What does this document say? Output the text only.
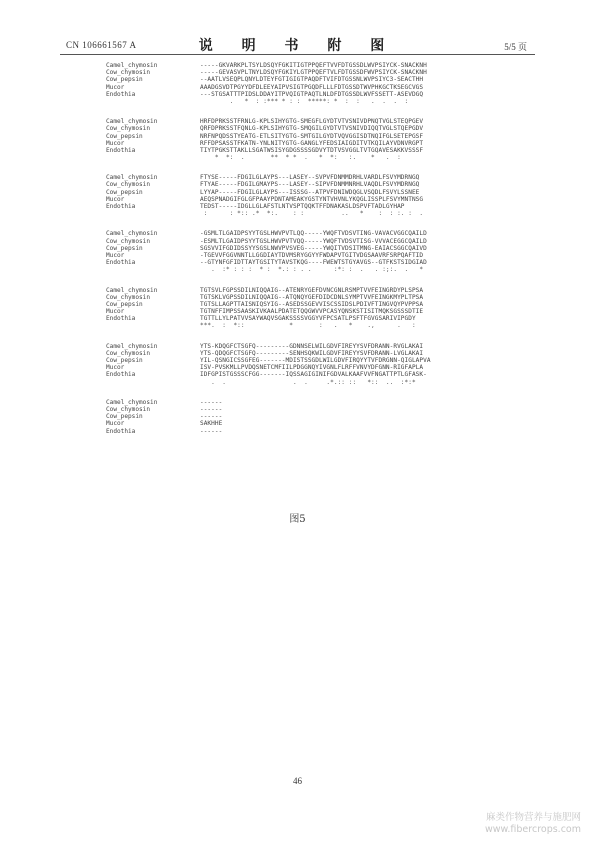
CN 106661567 A	说 明 书 附 图	5/5 页
Camel_chymosin	-----GKVARKPLTSYLDSQYFGKITIGTPPQEFTVVFDTGSSDLWVPSIYCK-SNACKNH
Cow_chymosin	-----GEVASVPLTNYLDSQYFGKIYLGTPPQEFTVLFDTGSSDFWVPSIYCK-SNACKNH
Cow_pepsin	--AATLVSEQPLQNYLDTEYFGTIGIGTPAQDFTVIFDTGSSNLWVPSIYC3-SEACTHH
Mucor	AAADGSVDTPGYYDFDLEEYAIPVSIGTPGQDFLLLFDTGSSDTWVPHKGCTKSEGCVGS
Endothia	---STGSATTTPIDSLDDAYITPVQIGTPAQTLNLDFDTGSSDLWVFSSETT-ASEVDGQ
.   *  : :*** * : :  *****: *  :  :   .  .  .  :
Camel_chymosin	HRFDPRKSSTFRNLG-KPLSIHYGTG-SMEGFLGYDTVTVSNIVDPNQTVGLSTEQPGEV
Cow_chymosin	QRFDPRKSSTFQNLG-KPLSIHYGTG-SMQGILGYDTVTVSNIVDIQQTVGLSTQEPGDV
Cow_pepsin	NRFNPQDSSTYEATG-ETLSITYGTG-SMTGILGYDTVQVGGISDTNQIFGLSETEPGSF
Mucor	RFFDPSASSTFKATN-YNLNITYGTG-GANGLYFEDSIAIGDITVTKQILAYVDNVRGPT
Endothia	TIYTPGKSTTAKLLSGATWSISYGDGSSSSGDVYTDTVSVGGLTVTGQAVESAKKVSSSF
*  *:  .       **  * *  .   *  *:   :.    *   .  :
Camel_chymosin	FTYSE-----FDGILGLAYPS---LASEY--SVPVFDNMMDRHLVARDLFSVYMDRNGQ
Cow_chymosin	FTYAE-----FDGILGMAYPS---LASEY--SIPVFDNMMNRHLVAQDLFSVYMDRNGQ
Cow_pepsin	LYYAP-----FDGILGLAYPS---ISSSG--ATPVFDNIWDQGLVSQDLFSVYLSSNEE
Mucor	AEQSPNADGIFGLGFPAAYPDNTAMEAKYGSTYNTVHVNLYKQGLISSPLFSVYMNTNSG
Endothia	TEDST-----IDGLLGLAFSTLNTVSPTQQKTFFDNAKASLDSPVFTADLGYHAP
:      : *:: .*  *:.    : :          ..   *    :  : :. :  .
Camel_chymosin	-GSMLTLGAIDPSYYTGSLHWVPVTLQQ-----YWQFTVDSVTING-VAVACVGGCQAILD
Cow_chymosin	-ESMLTLGAIDPSYYTGSLHWVPVTVQQ-----YWQFTVDSVTISG-VVVACEGGCQAILD
Cow_pepsin	SGSVVIFGDIDSSYYSGSLNWVPVSVEG-----YWQITVDSITMNG-EAIACSGGCQAIVD
Mucor	-TGEVVFGGVNNTLLGGDIAYTDVMSRYGGYYFWDAPVTGITVDGSAAVRFSRPQAFTID
Endothia	--GTYNFGFIDTTAYTGSITYTAVSTKQG----FWEWTSTGYAVGS--GTFKSTSIDGIAD
.  :* : : :  * :  *.: : . .      :*: :  .   . :;:.  .   *
Camel_chymosin	TGTSVLFGPSSDILNIQQAIG--ATENRYGEFDVNCGNLRSMPTVVFEINGRDYPLSPSA
Cow_chymosin	TGTSKLVGPSSDILNIQQAIG--ATQNQYGEFDIDCDNLSYMPTVVFEINGKMYPLTPSA
Cow_pepsin	TGTSLLAGPTTAISNIQSYIG--ASEDSSGEVVISCSSIDSLPDIVFTINGVQYPVPPSA
Mucor	TGTNFFIMPSSAASKIVKAALPDATETQQGWVVPCASYQNSKSTISITMQKSGSSSDTIE
Endothia	TGTTLLYLPATVVSAYWAQVSGAKSSSSVGGYVFPCSATLPSFTFGVGSARIVIPGDY
***.  :  *::            *       :   .   *    .,      .   :
Camel_chymosin	YTS-KDQGFCTSGFQ---------GDNNSELWILGDVFIREYYSVFDRANN-RVGLAKAI
Cow_chymosin	YTS-QDQGFCTSGFQ---------SENHSQKWILGDVFIREYYSVFDRANN-LVGLAKAI
Cow_pepsin	YIL-QSNGICSSGFEG-------MDISTSSGDLWILGDVFIRQYYTVFDRGNN-QIGLAPVA
Mucor	ISV-PVSKMLLPVDQSNETCMFIILPDGGNQYIVGNLFLRFFVNVYDFGNN-RIGFAPLA
Endothia	IDFGPISTGSSSCFGG-------IQSSAGIGINIFGDVALKAAFVVFNGATTPTLGFASK-
.  .                  .  .     .*.:: ::   *::  ..  :*:*
Camel_chymosin	------
Cow_chymosin	------
Cow_pepsin	------
Mucor	SAKHHE
Endothia	------
图5
46
麻类作物营养与施肥网
www.fibercrops.com
